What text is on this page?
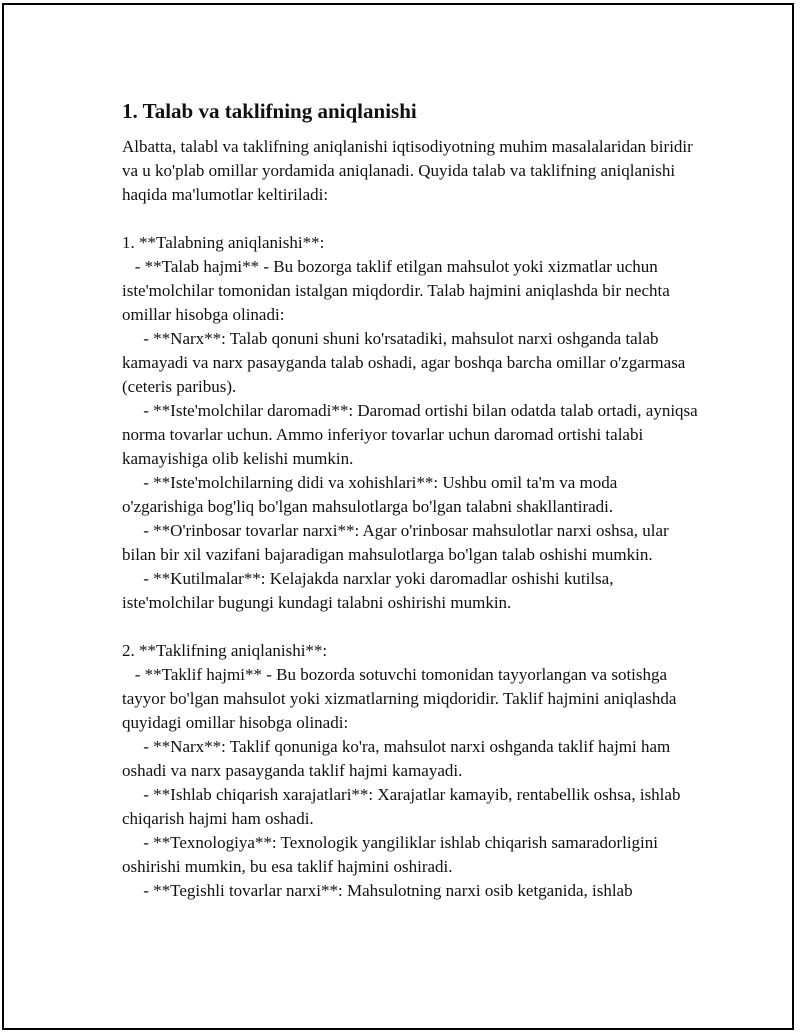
1. Talab va taklifning aniqlanishi

Albatta, talabl va taklifning aniqlanishi iqtisodiyotning muhim masalalaridan biridir va u ko'plab omillar yordamida aniqlanadi. Quyida talab va taklifning aniqlanishi haqida ma'lumotlar keltiriladi:

1. **Talabning aniqlanishi**:
- **Talab hajmi** - Bu bozorga taklif etilgan mahsulot yoki xizmatlar uchun iste'molchilar tomonidan istalgan miqdordir. Talab hajmini aniqlashda bir nechta omillar hisobga olinadi:
- **Narx**: Talab qonuni shuni ko'rsatadiki, mahsulot narxi oshganda talab kamayadi va narx pasayganda talab oshadi, agar boshqa barcha omillar o'zgarmasa (ceteris paribus).
- **Iste'molchilar daromadi**: Daromad ortishi bilan odatda talab ortadi, ayniqsa norma tovarlar uchun. Ammo inferiyor tovarlar uchun daromad ortishi talabi kamayishiga olib kelishi mumkin.
- **Iste'molchilarning didi va xohishlari**: Ushbu omil ta'm va moda o'zgarishiga bog'liq bo'lgan mahsulotlarga bo'lgan talabni shakllantiradi.
- **O'rinbosar tovarlar narxi**: Agar o'rinbosar mahsulotlar narxi oshsa, ular bilan bir xil vazifani bajaradigan mahsulotlarga bo'lgan talab oshishi mumkin.
- **Kutilmalar**: Kelajakda narxlar yoki daromadlar oshishi kutilsa, iste'molchilar bugungi kundagi talabni oshirishi mumkin.

2. **Taklifning aniqlanishi**:
- **Taklif hajmi** - Bu bozorda sotuvchi tomonidan tayyorlangan va sotishga tayyor bo'lgan mahsulot yoki xizmatlarning miqdoridir. Taklif hajmini aniqlashda quyidagi omillar hisobga olinadi:
- **Narx**: Taklif qonuniga ko'ra, mahsulot narxi oshganda taklif hajmi ham oshadi va narx pasayganda taklif hajmi kamayadi.
- **Ishlab chiqarish xarajatlari**: Xarajatlar kamayib, rentabellik oshsa, ishlab chiqarish hajmi ham oshadi.
- **Texnologiya**: Texnologik yangiliklar ishlab chiqarish samaradorligini oshirishi mumkin, bu esa taklif hajmini oshiradi.
- **Tegishli tovarlar narxi**: Mahsulotning narxi osib ketganida, ishlab
